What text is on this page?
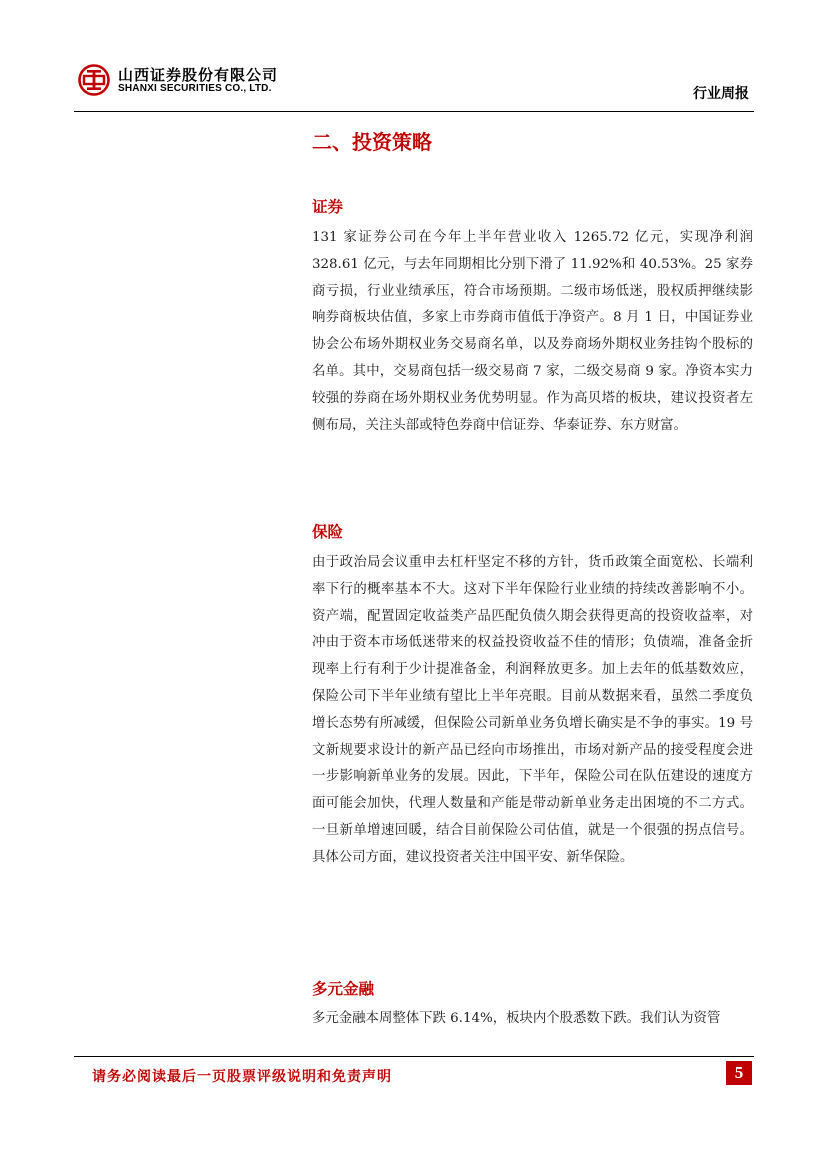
山西证券股份有限公司
SHANXI SECURITIES CO., LTD.	行业周报
二、投资策略
证券

131 家证券公司在今年上半年营业收入 1265.72 亿元，实现净利润 328.61 亿元，与去年同期相比分别下滑了 11.92%和 40.53%。25 家券商亏损，行业业绩承压，符合市场预期。二级市场低迷，股权质押继续影响券商板块估值，多家上市券商市值低于净资产。8 月 1 日，中国证券业协会公布场外期权业务交易商名单，以及券商场外期权业务挂钩个股标的名单。其中，交易商包括一级交易商 7 家，二级交易商 9 家。净资本实力较强的券商在场外期权业务优势明显。作为高贝塔的板块，建议投资者左侧布局，关注头部或特色券商中信证券、华泰证券、东方财富。

保险

由于政治局会议重申去杠杆坚定不移的方针，货币政策全面宽松、长端利率下行的概率基本不大。这对下半年保险行业业绩的持续改善影响不小。资产端，配置固定收益类产品匹配负债久期会获得更高的投资收益率，对冲由于资本市场低迷带来的权益投资收益不佳的情形；负债端，准备金折现率上行有利于少计提准备金，利润释放更多。加上去年的低基数效应，保险公司下半年业绩有望比上半年亮眼。目前从数据来看，虽然二季度负增长态势有所减缓，但保险公司新单业务负增长确实是不争的事实。19 号文新规要求设计的新产品已经向市场推出，市场对新产品的接受程度会进一步影响新单业务的发展。因此，下半年，保险公司在队伍建设的速度方面可能会加快，代理人数量和产能是带动新单业务走出困境的不二方式。一旦新单增速回暖，结合目前保险公司估值，就是一个很强的拐点信号。具体公司方面，建议投资者关注中国平安、新华保险。

多元金融

多元金融本周整体下跌 6.14%，板块内个股悉数下跌。我们认为资管

请务必阅读最后一页股票评级说明和免责声明	5
